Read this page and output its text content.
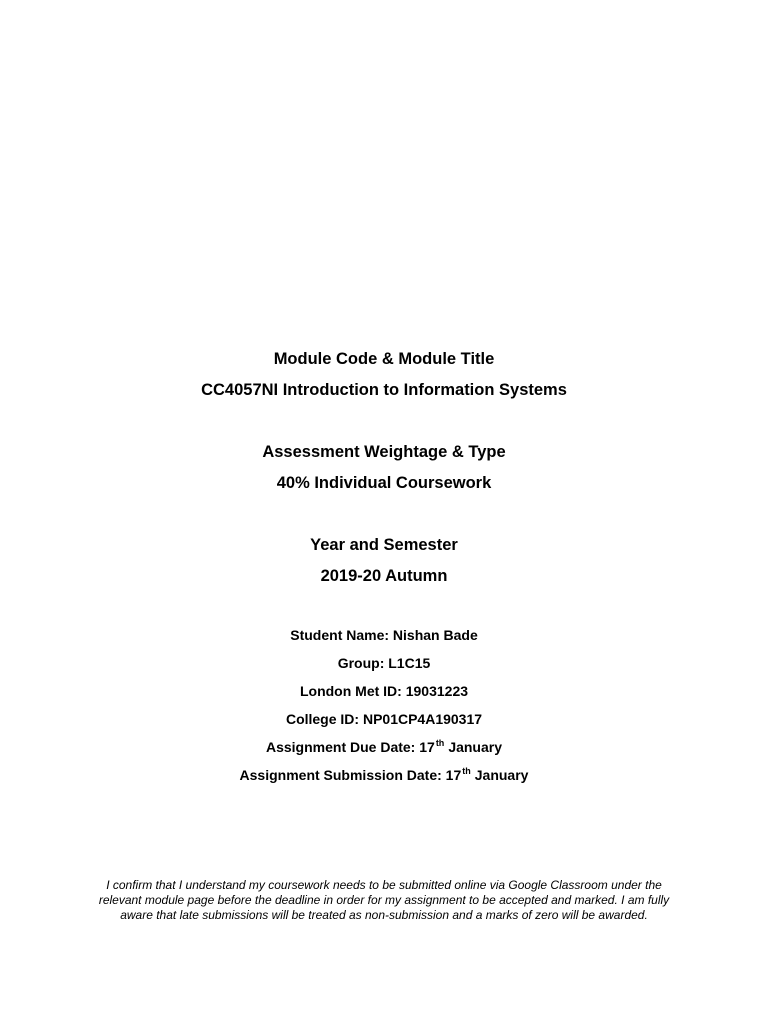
Module Code & Module Title
CC4057NI Introduction to Information Systems
Assessment Weightage & Type
40% Individual Coursework
Year and Semester
2019-20 Autumn
Student Name: Nishan Bade
Group: L1C15
London Met ID: 19031223
College ID: NP01CP4A190317
Assignment Due Date: 17th January
Assignment Submission Date: 17th January
I confirm that I understand my coursework needs to be submitted online via Google Classroom under the relevant module page before the deadline in order for my assignment to be accepted and marked. I am fully aware that late submissions will be treated as non-submission and a marks of zero will be awarded.
